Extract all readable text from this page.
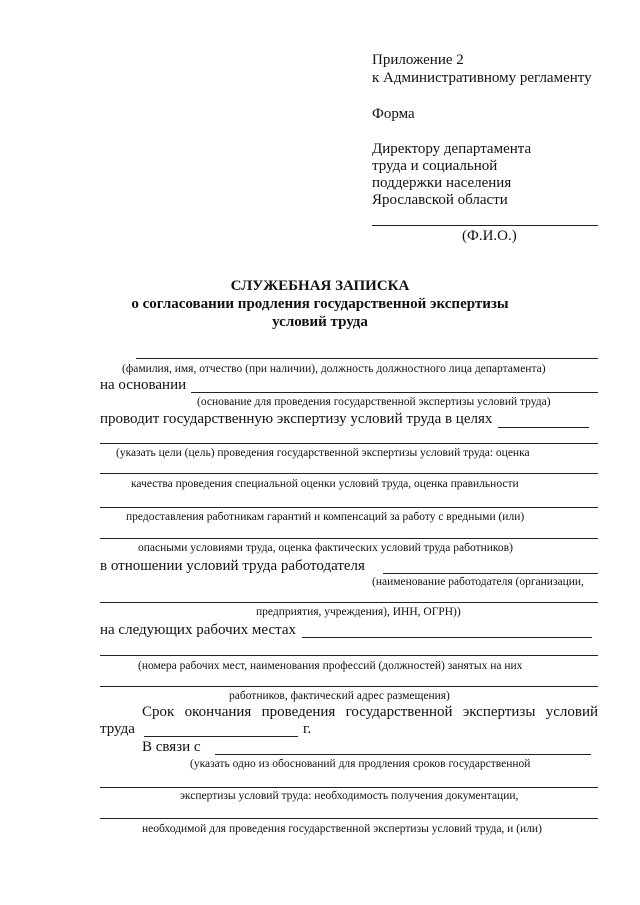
Приложение 2
к Административному регламенту
Форма
Директору департамента
труда и социальной
поддержки населения
Ярославской области
(Ф.И.О.)
СЛУЖЕБНАЯ ЗАПИСКА
о согласовании продления государственной экспертизы
условий труда
(фамилия, имя, отчество (при наличии), должность должностного лица департамента)
на основании
(основание для проведения государственной экспертизы условий труда)
проводит государственную экспертизу условий труда в целях
(указать цели (цель) проведения государственной экспертизы условий труда: оценка
качества проведения специальной оценки условий труда, оценка правильности
предоставления работникам гарантий и компенсаций за работу с вредными (или)
опасными условиями труда, оценка фактических условий труда работников)
в отношении условий труда работодателя
(наименование работодателя (организации,
предприятия, учреждения), ИНН, ОГРН))
на следующих рабочих местах
(номера рабочих мест, наименования профессий (должностей) занятых на них
работников, фактический адрес размещения)
Срок окончания проведения государственной экспертизы условий
труда	г.
В связи с
(указать одно из обоснований для продления сроков государственной
экспертизы условий труда: необходимость получения документации,
необходимой для проведения государственной экспертизы условий труда, и (или)
